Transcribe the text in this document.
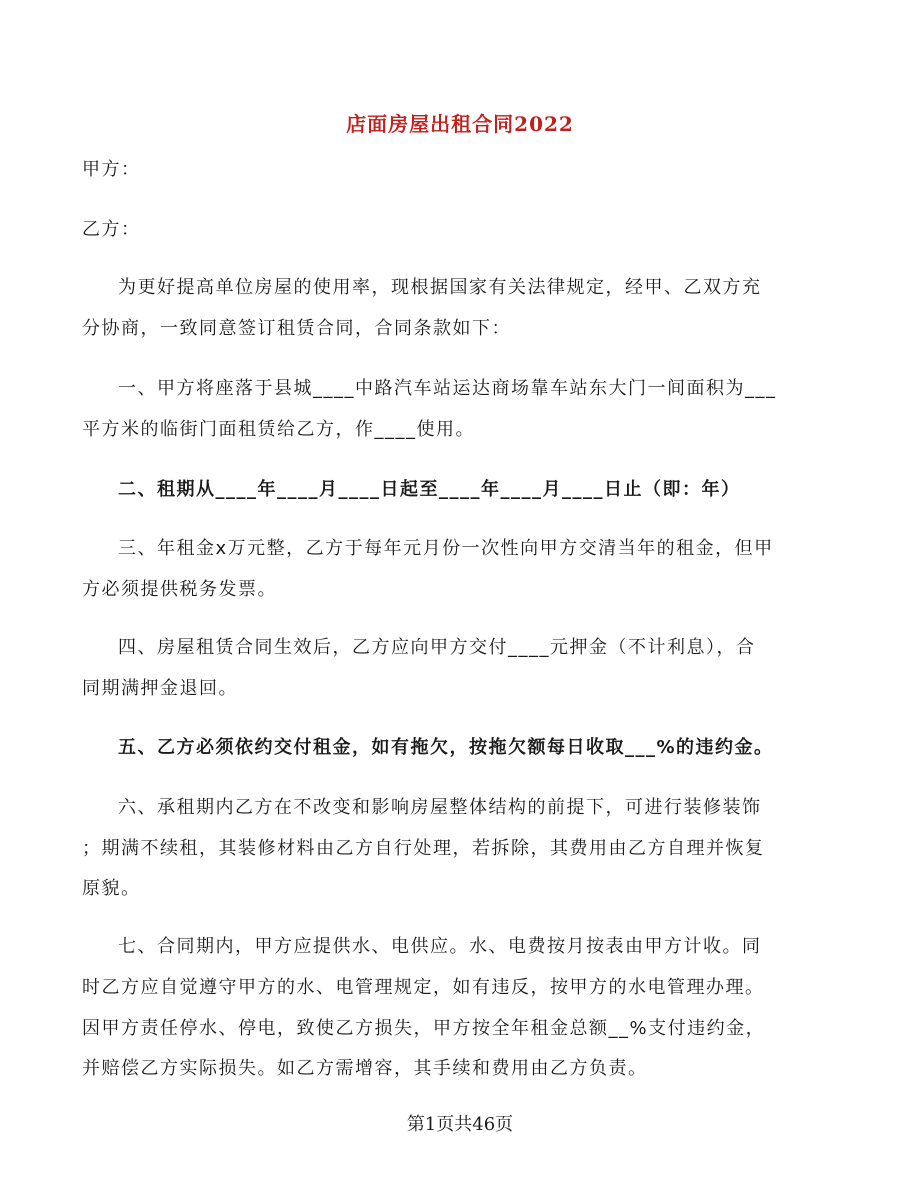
店面房屋出租合同2022
甲方：
乙方：
为更好提高单位房屋的使用率，现根据国家有关法律规定，经甲、乙双方充
分协商，一致同意签订租赁合同，合同条款如下：
一、甲方将座落于县城____中路汽车站运达商场靠车站东大门一间面积为___
平方米的临街门面租赁给乙方，作____使用。
二、租期从____年____月____日起至____年____月____日止（即：年）
三、年租金x万元整，乙方于每年元月份一次性向甲方交清当年的租金，但甲
方必须提供税务发票。
四、房屋租赁合同生效后，乙方应向甲方交付____元押金（不计利息），合
同期满押金退回。
五、乙方必须依约交付租金，如有拖欠，按拖欠额每日收取___%的违约金。
六、承租期内乙方在不改变和影响房屋整体结构的前提下，可进行装修装饰
；期满不续租，其装修材料由乙方自行处理，若拆除，其费用由乙方自理并恢复
原貌。
七、合同期内，甲方应提供水、电供应。水、电费按月按表由甲方计收。同
时乙方应自觉遵守甲方的水、电管理规定，如有违反，按甲方的水电管理办理。
因甲方责任停水、停电，致使乙方损失，甲方按全年租金总额__%支付违约金，
并赔偿乙方实际损失。如乙方需增容，其手续和费用由乙方负责。
第1页共46页
